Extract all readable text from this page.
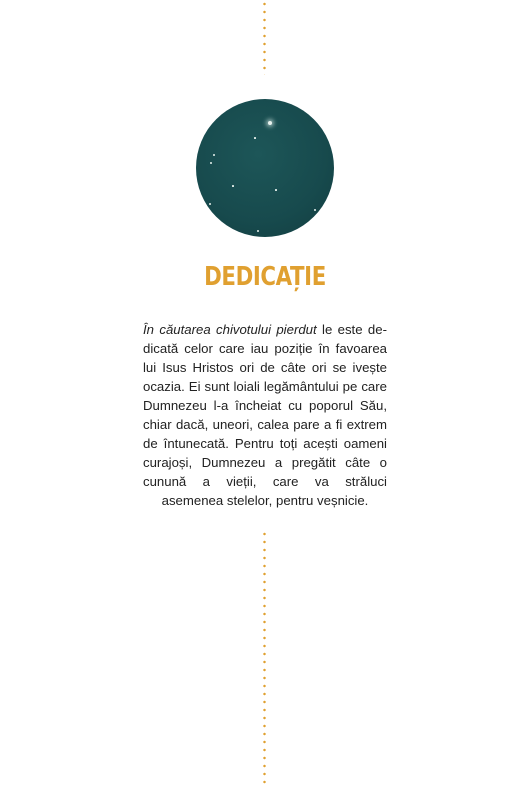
DEDICAȚIE
În căutarea chivotului pierdut le este dedicată celor care iau poziție în favoarea lui Isus Hristos ori de câte ori se ivește ocazia. Ei sunt loiali legământului pe care Dumnezeu l-a încheiat cu poporul Său, chiar dacă, uneori, calea pare a fi extrem de întunecată. Pentru toți acești oameni curajoși, Dumnezeu a pregătit câte o cunună a vieții, care va străluci asemenea stelelor, pentru veșnicie.
